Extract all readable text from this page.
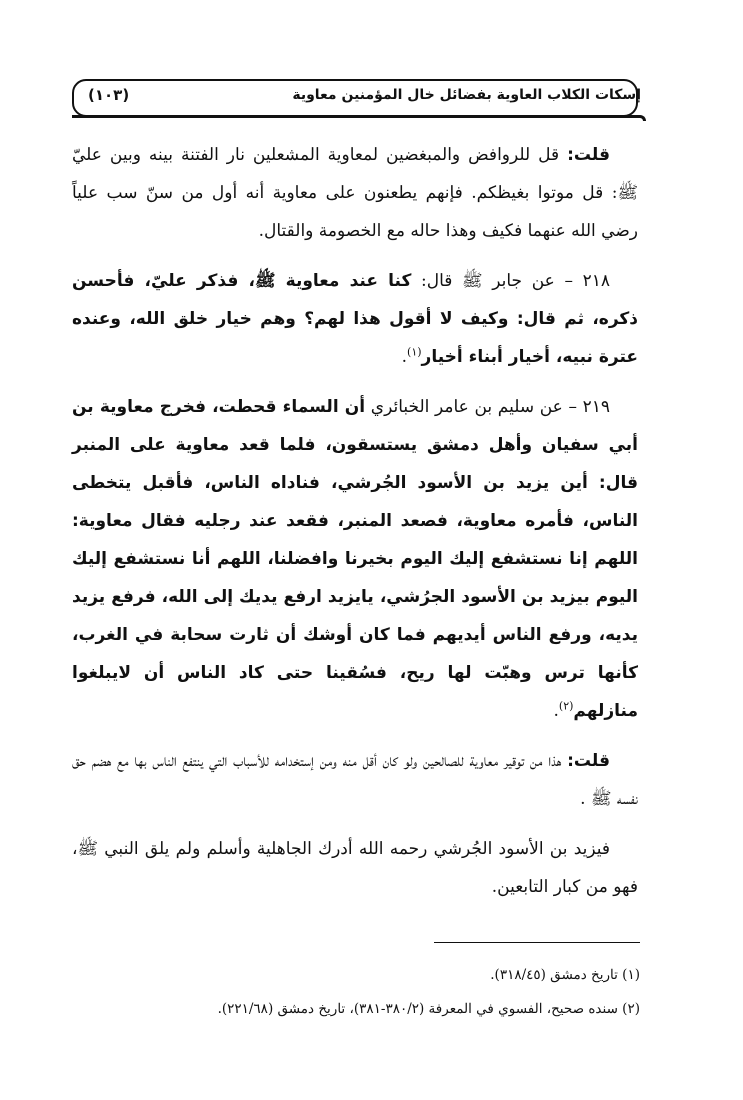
إسكات الكلاب العاوية بفضائل خال المؤمنين معاوية
(١٠٣)

قلت: قل للروافض والمبغضين لمعاوية المشعلين نار الفتنة بينه وبين عليّ ﷺ: قل موتوا بغيظكم. فإنهم يطعنون على معاوية أنه أول من سنّ سب علياً رضي الله عنهما فكيف وهذا حاله مع الخصومة والقتال.

٢١٨ – عن جابر ﷺ قال: كنا عند معاوية ﷺ، فذكر عليّ، فأحسن ذكره، ثم قال: وكيف لا أقول هذا لهم؟ وهم خيار خلق الله، وعنده عترة نبيه، أخيار أبناء أخيار$^{(١)}$.

٢١٩ – عن سليم بن عامر الخبائري أن السماء قحطت، فخرج معاوية بن أبي سفيان وأهل دمشق يستسقون، فلما قعد معاوية على المنبر قال: أين يزيد بن الأسود الجُرشي، فناداه الناس، فأقبل يتخطى الناس، فأمره معاوية، فصعد المنبر، فقعد عند رجليه فقال معاوية: اللهم إنا نستشفع إليك اليوم بخيرنا وافضلنا، اللهم أنا نستشفع إليك اليوم بيزيد بن الأسود الجرُشي، يايزيد ارفع يديك إلى الله، فرفع يزيد يديه، ورفع الناس أيديهم فما كان أوشك أن ثارت سحابة في الغرب، كأنها ترس وهبّت لها ريح، فسُقينا حتى كاد الناس أن لايبلغوا منازلهم$^{(٢)}$.

قلت: هذا من توقير معاوية للصالحين ولو كان أقل منه ومن إستخدامه للأسباب التي ينتفع الناس بها مع هضم حق نفسه ﷺ .

فيزيد بن الأسود الجُرشي رحمه الله أدرك الجاهلية وأسلم ولم يلق النبي ﷺ، فهو من كبار التابعين.

(١) تاريخ دمشق (٣١٨/٤٥).
(٢) سنده صحيح، الفسوي في المعرفة (٣٨٠/٢-٣٨١)، تاريخ دمشق (٢٢١/٦٨).
